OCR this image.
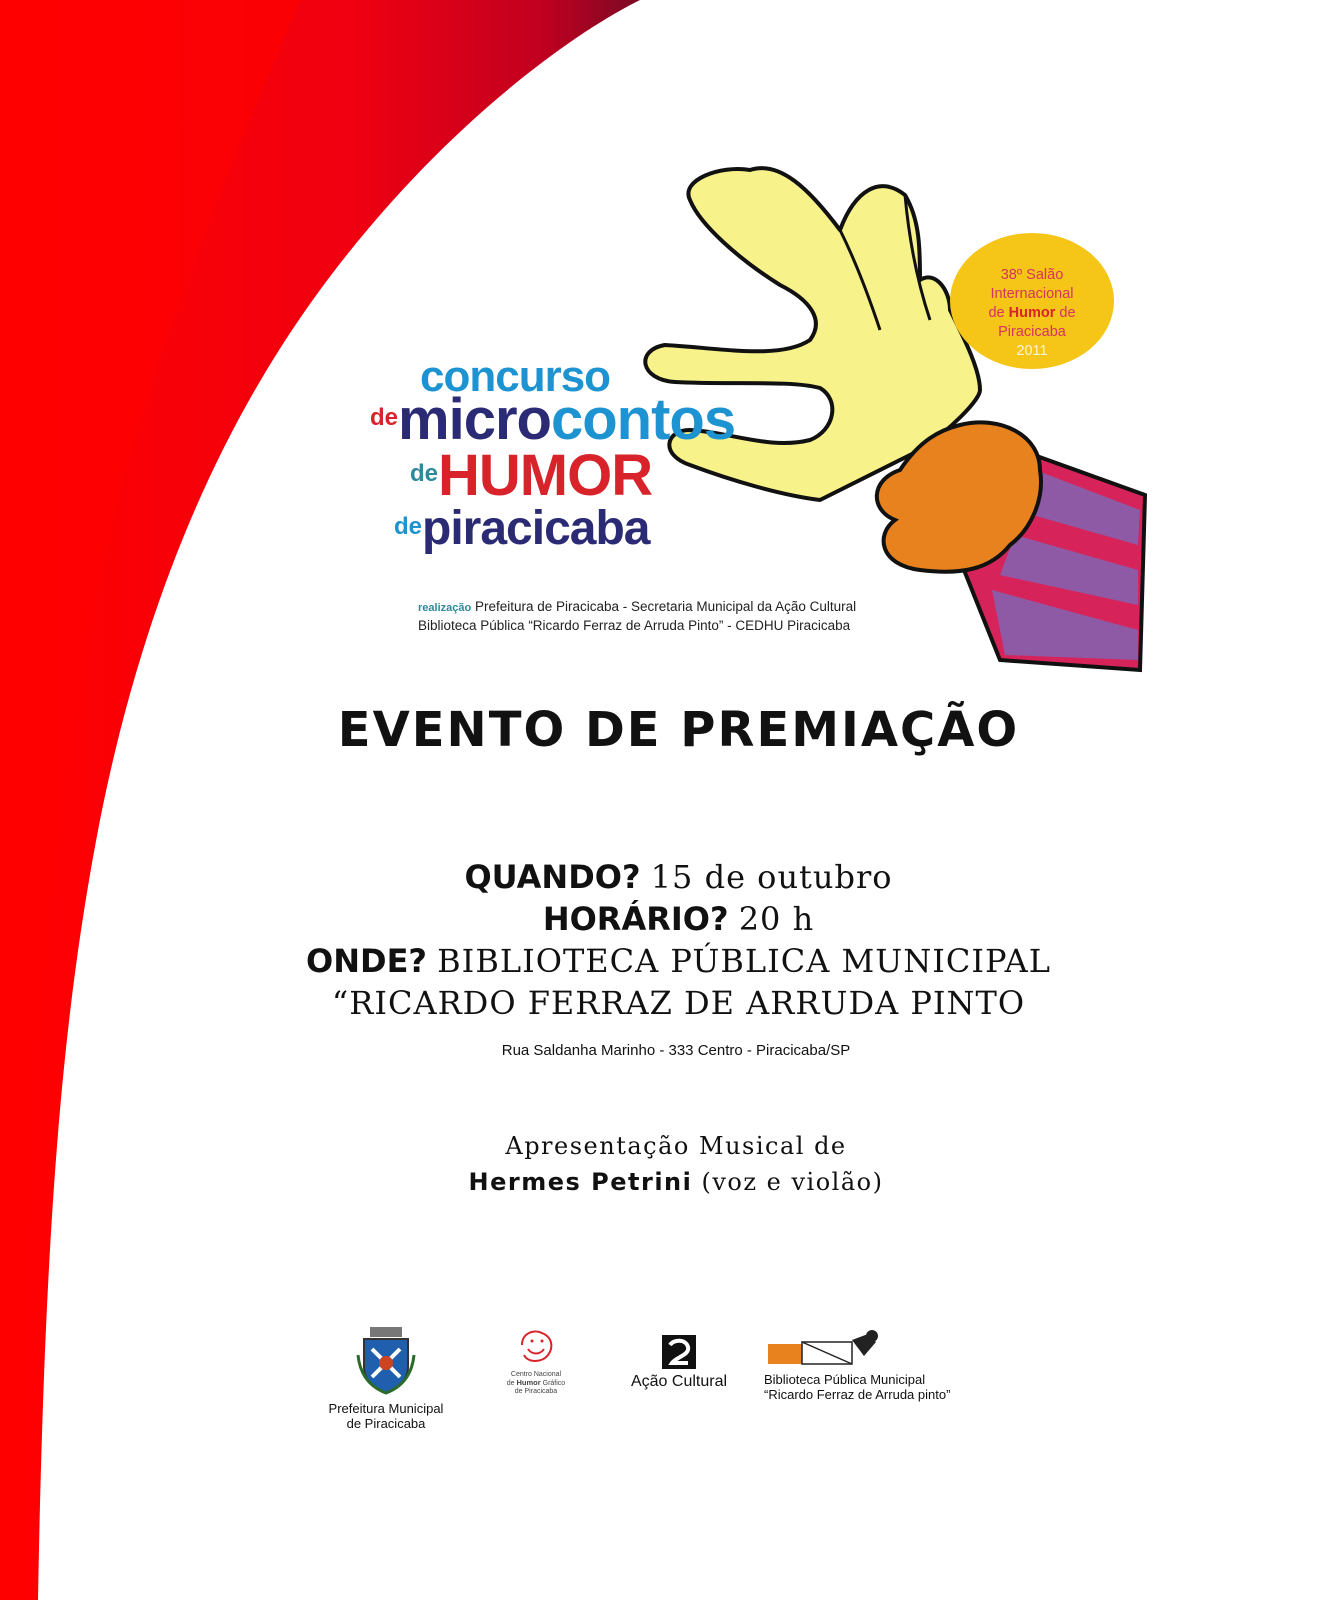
38º Salão
Internacional
de Humor de
Piracicaba
2011
concurso
demicrocontos
deHUMOR
depiracicaba
realização Prefeitura de Piracicaba - Secretaria Municipal da Ação Cultural
Biblioteca Pública “Ricardo Ferraz de Arruda Pinto” - CEDHU Piracicaba
EVENTO DE PREMIAÇÃO
QUANDO? 15 de outubro
HORÁRIO? 20 h
ONDE? BIBLIOTECA PÚBLICA MUNICIPAL
“RICARDO FERRAZ DE ARRUDA PINTO
Rua Saldanha Marinho - 333 Centro - Piracicaba/SP
Apresentação Musical de
Hermes Petrini (voz e violão)
Prefeitura Municipal
de Piracicaba
Centro Nacional
de Humor Gráfico
de Piracicaba
Ação Cultural	Biblioteca Pública Municipal
“Ricardo Ferraz de Arruda pinto”
